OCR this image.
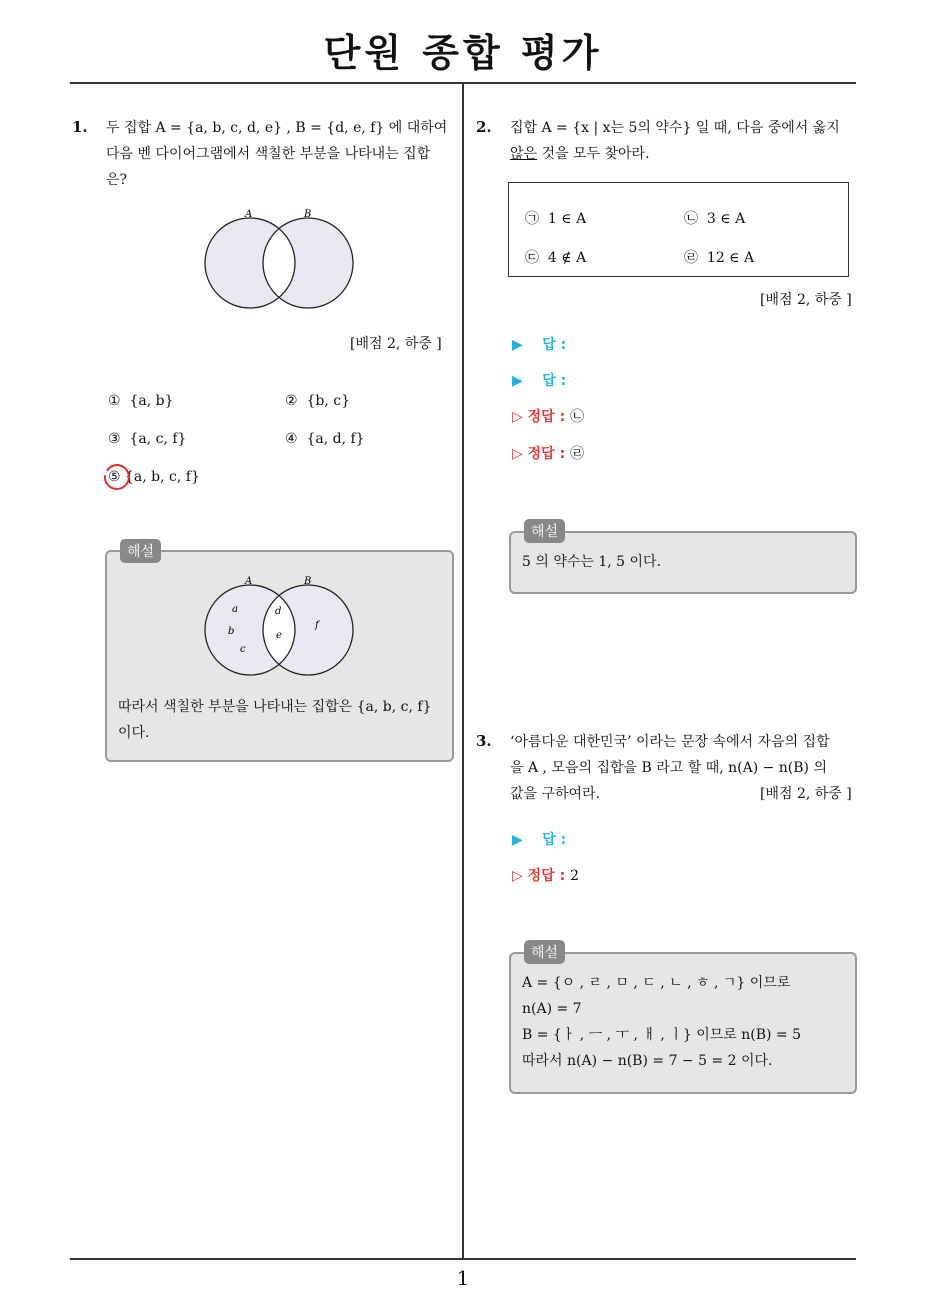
단원 종합 평가
1
1. 두 집합 A = {a, b, c, d, e} , B = {d, e, f} 에 대하여
다음 벤 다이어그램에서 색칠한 부분을 나타내는 집합
은?
A	B
[배점 2, 하중 ]
① {a, b}	② {b, c}
③ {a, c, f}	④ {a, d, f}
⑤ {a, b, c, f}
해설
A	B
a
b
c
d
e
f
따라서 색칠한 부분을 나타내는 집합은 {a, b, c, f}
이다.
2. 집합 A = {x | x는 5의 약수} 일 때, 다음 중에서 옳지
않은 것을 모두 찾아라.
㉠ 1 ∈ A	㉡ 3 ∈ A
㉢ 4 ∉ A	㉣ 12 ∈ A
[배점 2, 하중 ]
▶ 답 :
▶ 답 :
▷ 정답 : ㉡
▷ 정답 : ㉣
해설
5 의 약수는 1, 5 이다.
3. ‘아름다운 대한민국’ 이라는 문장 속에서 자음의 집합
을 A , 모음의 집합을 B 라고 할 때, n(A) − n(B) 의
값을 구하여라.	[배점 2, 하중 ]
▶ 답 :
▷ 정답 : 2
해설
A = {ㅇ , ㄹ , ㅁ , ㄷ , ㄴ , ㅎ , ㄱ} 이므로
n(A) = 7
B = {ㅏ , ㅡ , ㅜ , ㅐ , ㅣ} 이므로 n(B) = 5
따라서 n(A) − n(B) = 7 − 5 = 2 이다.
